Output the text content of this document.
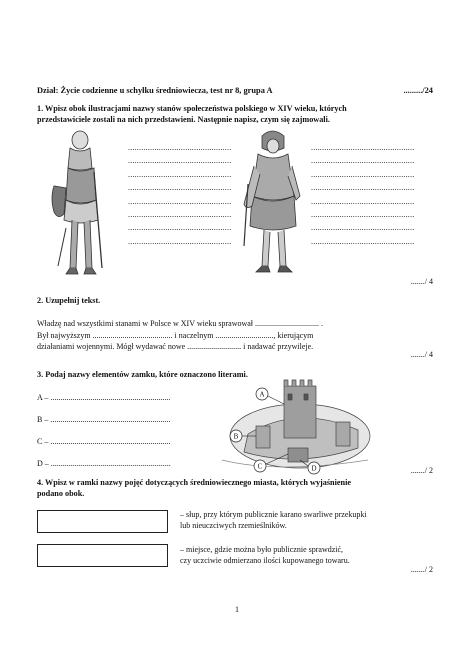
Dział: Życie codzienne u schyłku średniowiecza, test nr 8, grupa A	........./24
1. Wpisz obok ilustracjami nazwy stanów społeczeństwa polskiego w XIV wieku, których
przedstawiciele zostali na nich przedstawieni. Następnie napisz, czym się zajmowali.
...............................................
...............................................
...............................................
...............................................
...............................................
...............................................
...............................................
...............................................
...............................................
...............................................
...............................................
...............................................
...............................................
...............................................
...............................................
...............................................
......./ 4
2. Uzupełnij tekst.
Władzę nad wszystkimi stanami w Polsce w XIV wieku sprawował ................................ .
Był najwyższym ........................................ i naczelnym ............................., kierującym
działaniami wojennymi. Mógł wydawać nowe ........................... i nadawać przywileje.
......./ 4
3. Podaj nazwy elementów zamku, które oznaczono literami.
A – ............................................................
B – ............................................................
C – ............................................................
D – ............................................................
A
B
C	D	......./ 2
4. Wpisz w ramki nazwy pojęć dotyczących średniowiecznego miasta, których wyjaśnienie
podano obok.
– słup, przy którym publicznie karano swarliwe przekupki
lub nieuczciwych rzemieślników.
– miejsce, gdzie można było publicznie sprawdzić,
czy uczciwie odmierzano ilości kupowanego towaru.
......./ 2
1
